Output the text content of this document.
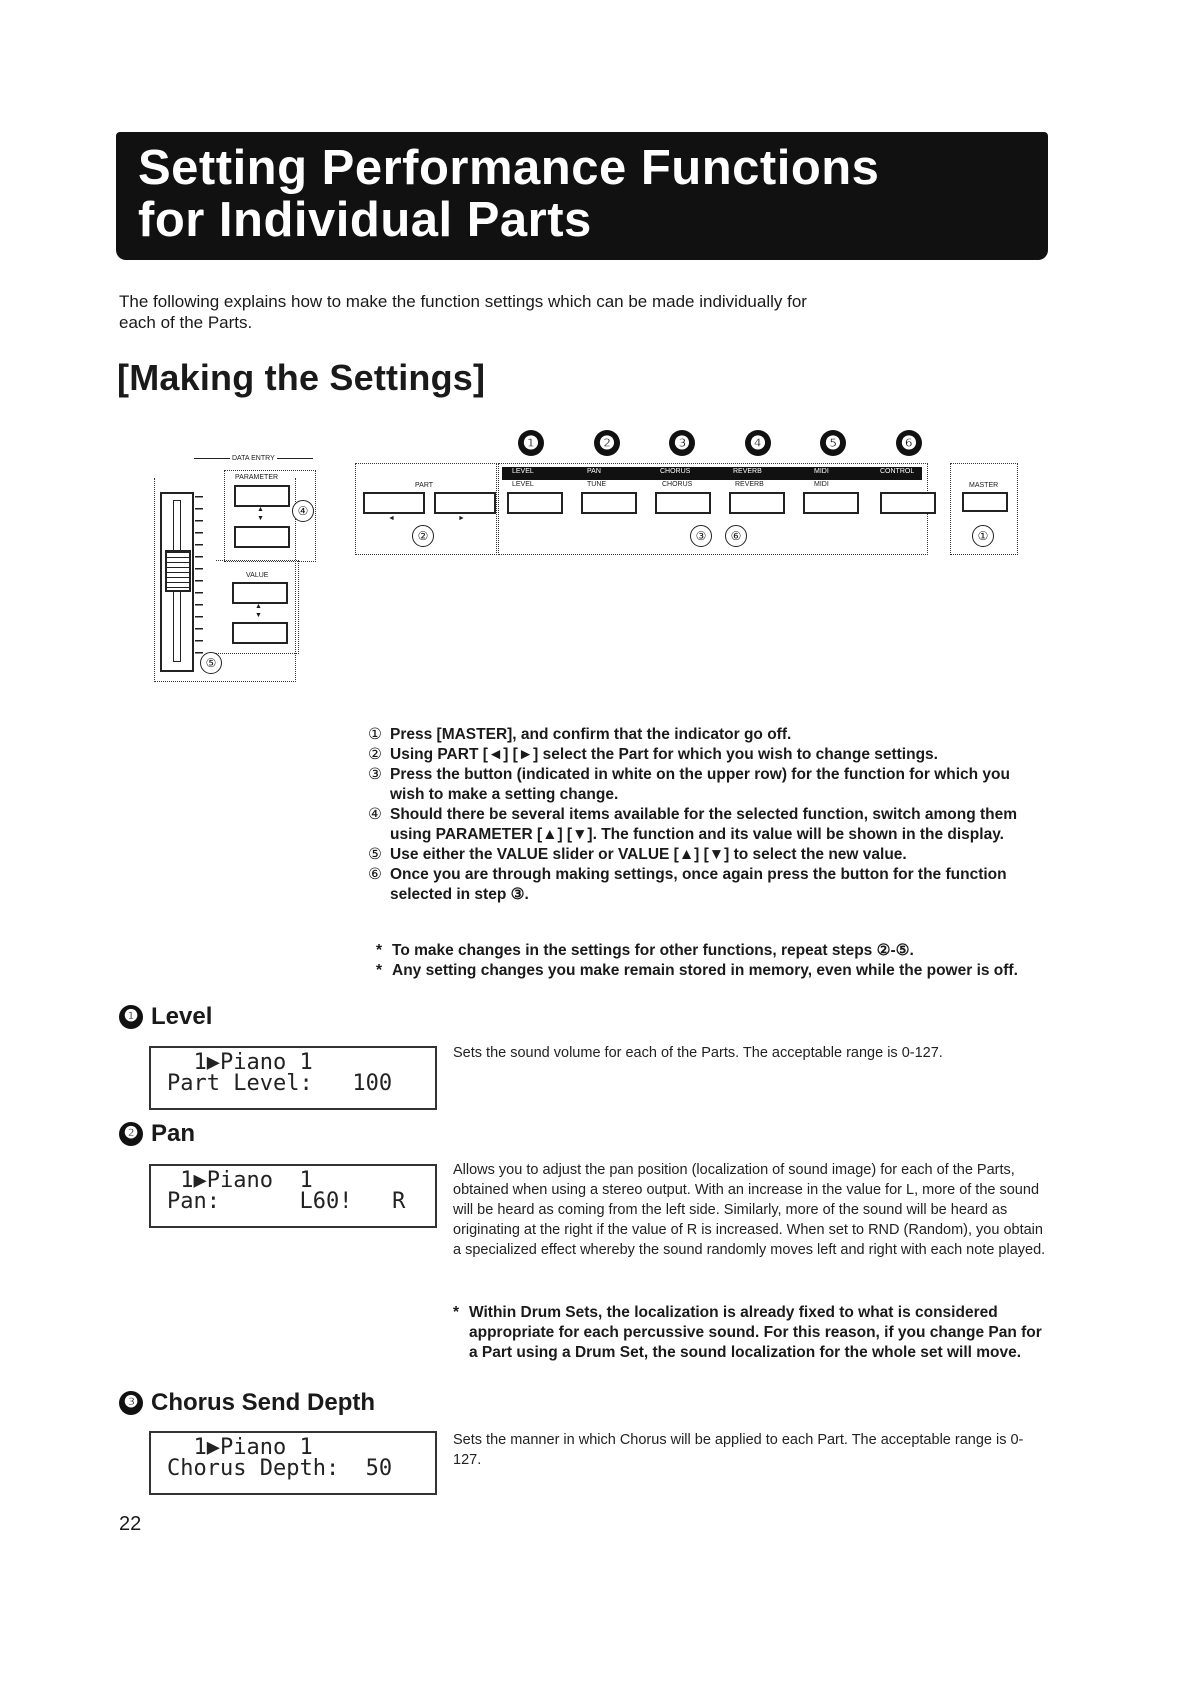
Setting Performance Functions
for Individual Parts
The following explains how to make the function settings which can be made individually for each of the Parts.
[Making the Settings]
DATA ENTRY
⑤
PARAMETER
▲
▼
④
VALUE
▲
▼
❶	❷	❸	❹	❺	❻
PART
◄	►
②
LEVEL	PAN	CHORUS	REVERB	MIDI	CONTROL
LEVEL	TUNE	CHORUS	REVERB	MIDI
③	⑥
MASTER
①
① Press [MASTER], and confirm that the indicator go off.
② Using PART [◄] [►] select the Part for which you wish to change settings.
③ Press the button (indicated in white on the upper row) for the function for which you wish to make a setting change.
④ Should there be several items available for the selected function, switch among them using PARAMETER [▲] [▼]. The function and its value will be shown in the display.
⑤ Use either the VALUE slider or VALUE [▲] [▼] to select the new value.
⑥ Once you are through making settings, once again press the button for the function selected in step ③.
* To make changes in the settings for other functions, repeat steps ②-⑤.
* Any setting changes you make remain stored in memory, even while the power is off.
❶ Level
1▶Piano 1
Part Level:   100
Sets the sound volume for each of the Parts. The acceptable range is 0-127.
❷ Pan
1▶Piano  1
Pan:      L60!   R
Allows you to adjust the pan position (localization of sound image) for each of the Parts, obtained when using a stereo output. With an increase in the value for L, more of the sound will be heard as coming from the left side. Similarly, more of the sound will be heard as originating at the right if the value of R is increased. When set to RND (Random), you obtain a specialized effect whereby the sound randomly moves left and right with each note played.
* Within Drum Sets, the localization is already fixed to what is considered appropriate for each percussive sound. For this reason, if you change Pan for a Part using a Drum Set, the sound localization for the whole set will move.
❸ Chorus Send Depth
1▶Piano 1
Chorus Depth:  50
Sets the manner in which Chorus will be applied to each Part. The acceptable range is 0-127.
22
